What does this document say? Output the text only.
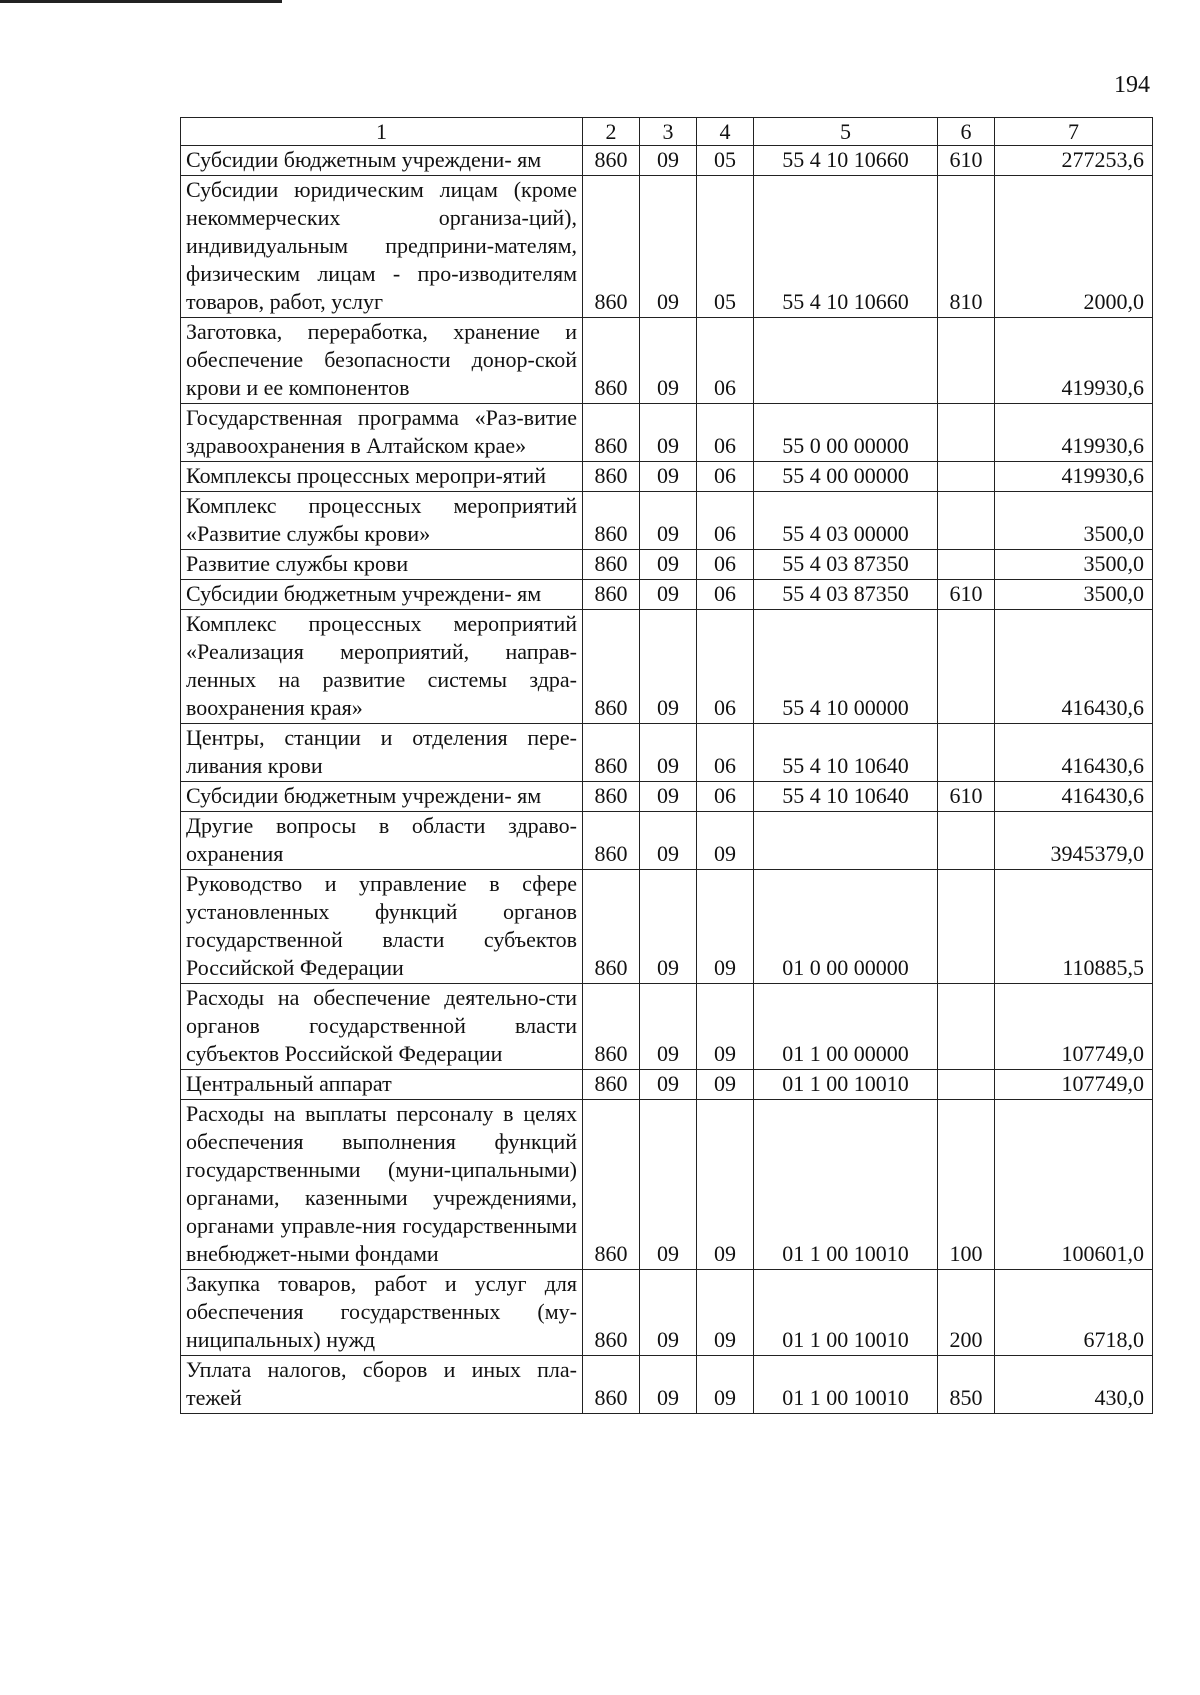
194
1	2	3	4	5	6	7
Субсидии бюджетным учреждени- ям	860	09	05	55 4 10 10660	610	277253,6
Субсидии юридическим лицам (кроме некоммерческих организа-ций), индивидуальным предприни-мателям, физическим лицам - про-изводителям товаров, работ, услуг	860	09	05	55 4 10 10660	810	2000,0
Заготовка, переработка, хранение и обеспечение безопасности донор-ской крови и ее компонентов	860	09	06			419930,6
Государственная программа «Раз-витие здравоохранения в Алтайском крае»	860	09	06	55 0 00 00000		419930,6
Комплексы процессных меропри-ятий	860	09	06	55 4 00 00000		419930,6
Комплекс процессных мероприятий «Развитие службы крови»	860	09	06	55 4 03 00000		3500,0
Развитие службы крови	860	09	06	55 4 03 87350		3500,0
Субсидии бюджетным учреждени- ям	860	09	06	55 4 03 87350	610	3500,0
Комплекс процессных мероприятий «Реализация мероприятий, направ-ленных на развитие системы здра-воохранения края»	860	09	06	55 4 10 00000		416430,6
Центры, станции и отделения пере-ливания крови	860	09	06	55 4 10 10640		416430,6
Субсидии бюджетным учреждени- ям	860	09	06	55 4 10 10640	610	416430,6
Другие вопросы в области здраво-охранения	860	09	09			3945379,0
Руководство и управление в сфере установленных функций органов государственной власти субъектов Российской Федерации	860	09	09	01 0 00 00000		110885,5
Расходы на обеспечение деятельно-сти органов государственной власти субъектов Российской Федерации	860	09	09	01 1 00 00000		107749,0
Центральный аппарат	860	09	09	01 1 00 10010		107749,0
Расходы на выплаты персоналу в целях обеспечения выполнения функций государственными (муни-ципальными) органами, казенными учреждениями, органами управле-ния государственными внебюджет-ными фондами	860	09	09	01 1 00 10010	100	100601,0
Закупка товаров, работ и услуг для обеспечения государственных (му-ниципальных) нужд	860	09	09	01 1 00 10010	200	6718,0
Уплата налогов, сборов и иных пла-тежей	860	09	09	01 1 00 10010	850	430,0
